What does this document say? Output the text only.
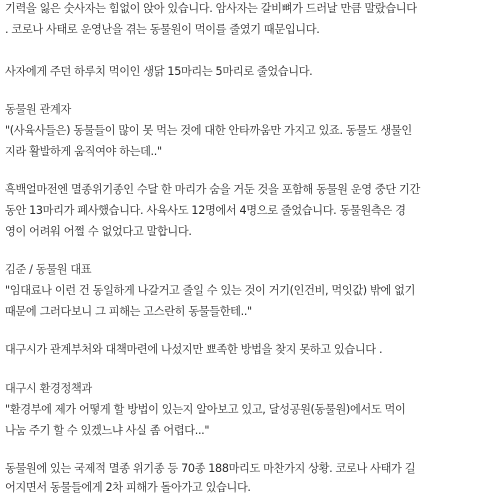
기력을 잃은 숫사자는 힘없이 앉아 있습니다. 암사자는 갈비뼈가 드러날 만큼 말랐습니다
. 코로나 사태로 운영난을 겪는 동물원이 먹이를 줄였기 때문입니다.
사자에게 주던 하루치 먹이인 생닭 15마리는 5마리로 줄었습니다.
동물원 관계자
"(사육사들은) 동물들이 많이 못 먹는 것에 대한 안타까움만 가지고 있죠. 동물도 생물인
지라 활발하게 움직여야 하는데.."
흑백얼마전엔 멸종위기종인 수달 한 마리가 숨을 거둔 것을 포함해 동물원 운영 중단 기간
동안 13마리가 폐사했습니다. 사육사도 12명에서 4명으로 줄었습니다. 동물원측은 경
영이 어려워 어쩔 수 없었다고 말합니다.
김준 / 동물원 대표
"임대료나 이런 건 동일하게 나갈거고 줄일 수 있는 것이 거기(인건비, 먹잇값) 밖에 없기
때문에 그러다보니 그 피해는 고스란히 동물들한테.."
대구시가 관계부처와 대책마련에 나섰지만 뾰족한 방법을 찾지 못하고 있습니다 .
대구시 환경정책과
"환경부에 제가 어떻게 할 방법이 있는지 알아보고 있고, 달성공원(동물원)에서도 먹이
나눔 주기 할 수 있겠느냐 사실 좀 어렵다..."
동물원에 있는 국제적 멸종 위기종 등 70종 188마리도 마찬가지 상황. 코로나 사태가 길
어지면서 동물들에게 2차 피해가 돌아가고 있습니다.
